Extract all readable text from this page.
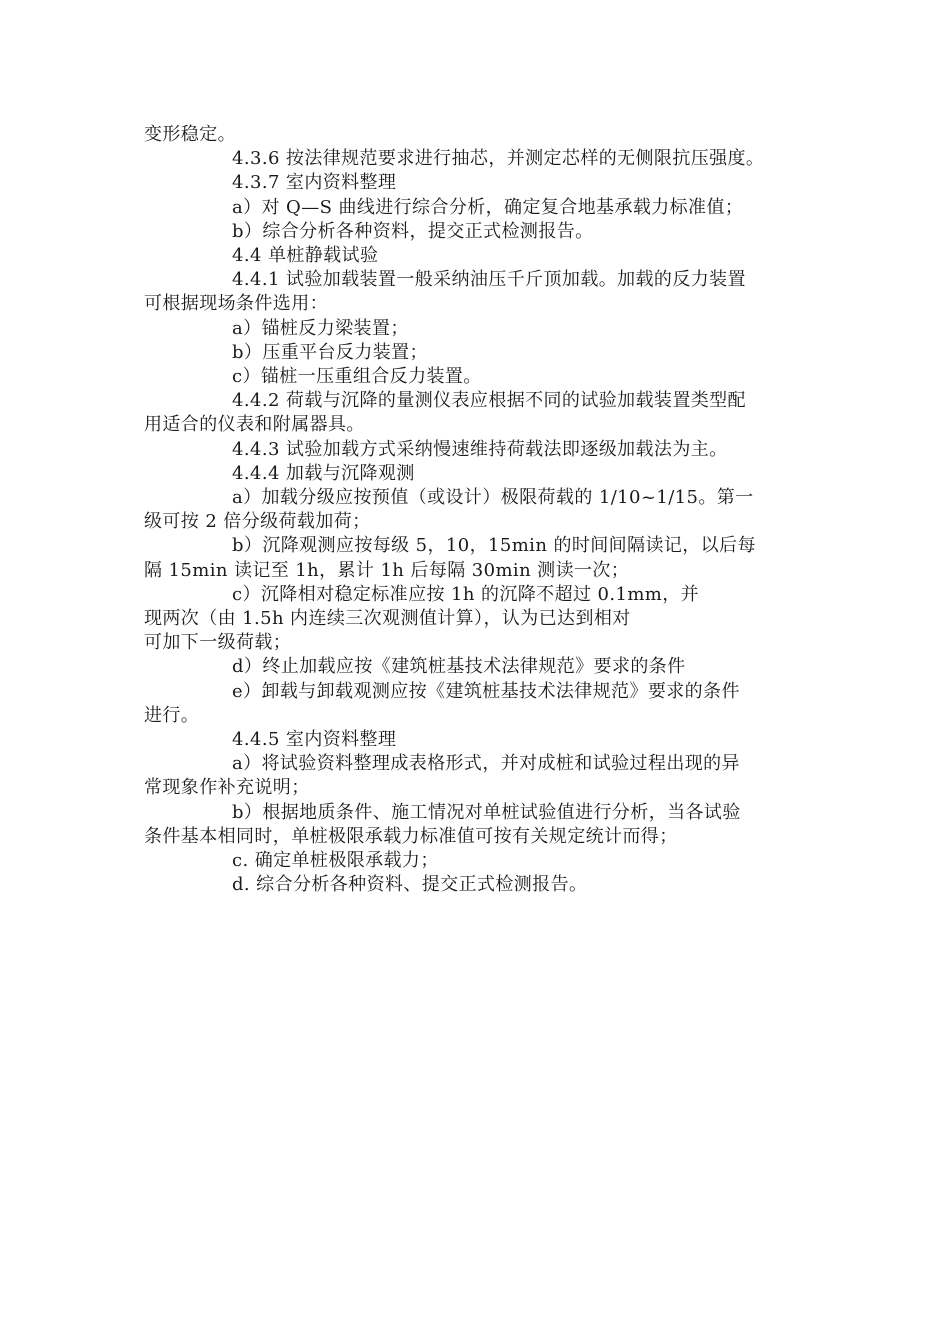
变形稳定。
4.3.6 按法律规范要求进行抽芯，并测定芯样的无侧限抗压强度。
4.3.7 室内资料整理
a）对 Q—S 曲线进行综合分析，确定复合地基承载力标准值；
b）综合分析各种资料，提交正式检测报告。
4.4 单桩静载试验
4.4.1 试验加载装置一般采纳油压千斤顶加载。加载的反力装置
可根据现场条件选用：
a）锚桩反力梁装置；
b）压重平台反力装置；
c）锚桩一压重组合反力装置。
4.4.2 荷载与沉降的量测仪表应根据不同的试验加载装置类型配
用适合的仪表和附属器具。
4.4.3 试验加载方式采纳慢速维持荷载法即逐级加载法为主。
4.4.4 加载与沉降观测
a）加载分级应按预值（或设计）极限荷载的 1/10~1/15。第一
级可按 2 倍分级荷载加荷；
b）沉降观测应按每级 5，10，15min 的时间间隔读记，以后每
隔 15min 读记至 1h，累计 1h 后每隔 30min 测读一次；
c）沉降相对稳定标准应按 1h 的沉降不超过 0.1mm，并
现两次（由 1.5h 内连续三次观测值计算），认为已达到相对
可加下一级荷载；
d）终止加载应按《建筑桩基技术法律规范》要求的条件
e）卸载与卸载观测应按《建筑桩基技术法律规范》要求的条件
进行。
4.4.5 室内资料整理
a）将试验资料整理成表格形式，并对成桩和试验过程出现的异
常现象作补充说明；
b）根据地质条件、施工情况对单桩试验值进行分析，当各试验
条件基本相同时，单桩极限承载力标准值可按有关规定统计而得；
c. 确定单桩极限承载力；
d. 综合分析各种资料、提交正式检测报告。
